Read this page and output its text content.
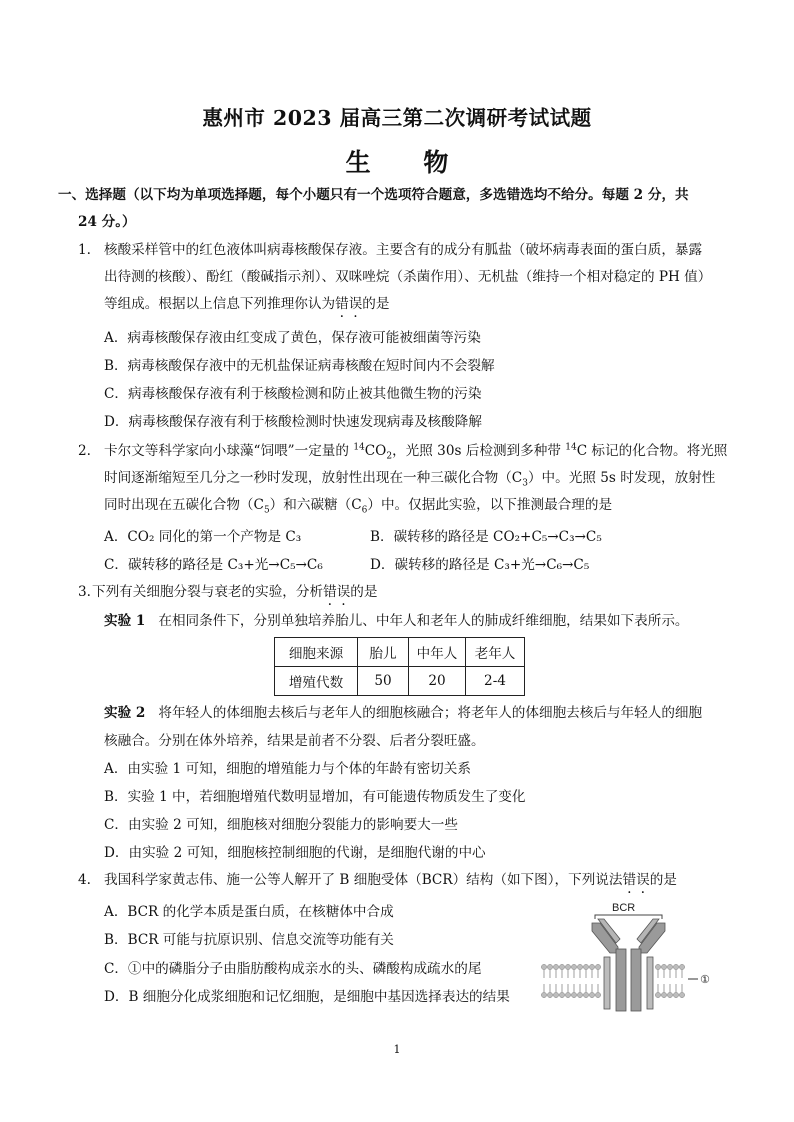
惠州市 2023 届高三第二次调研考试试题
生 物
一、选择题（以下均为单项选择题，每个小题只有一个选项符合题意，多选错选均不给分。每题 2 分，共
24 分。）
1. 核酸采样管中的红色液体叫病毒核酸保存液。主要含有的成分有胍盐（破坏病毒表面的蛋白质，暴露
出待测的核酸）、酚红（酸碱指示剂）、双咪唑烷（杀菌作用）、无机盐（维持一个相对稳定的 PH 值）
等组成。根据以上信息下列推理你认为错误的是
A．病毒核酸保存液由红变成了黄色，保存液可能被细菌等污染
B．病毒核酸保存液中的无机盐保证病毒核酸在短时间内不会裂解
C．病毒核酸保存液有利于核酸检测和防止被其他微生物的污染
D．病毒核酸保存液有利于核酸检测时快速发现病毒及核酸降解
2. 卡尔文等科学家向小球藻“饲喂”一定量的 $^{14}CO_2$，光照 30s 后检测到多种带 $^{14}$C 标记的化合物。将光照
时间逐渐缩短至几分之一秒时发现，放射性出现在一种三碳化合物$(C_3)$中。光照 5s 时发现，放射性
同时出现在五碳化合物$(C_5)$和六碳糖$(C_6)$中。仅据此实验，以下推测最合理的是
A．CO₂ 同化的第一个产物是 C₃	B．碳转移的路径是 CO₂+C₅→C₃→C₅
C．碳转移的路径是 C₃+光→C₅→C₆	D．碳转移的路径是 C₃+光→C₆→C₅
3. 下列有关细胞分裂与衰老的实验，分析错误的是
实验 1 在相同条件下，分别单独培养胎儿、中年人和老年人的肺成纤维细胞，结果如下表所示。
细胞来源	胎儿	中年人	老年人
增殖代数	50	20	2-4
实验 2 将年轻人的体细胞去核后与老年人的细胞核融合；将老年人的体细胞去核后与年轻人的细胞
核融合。分别在体外培养，结果是前者不分裂、后者分裂旺盛。
A．由实验 1 可知，细胞的增殖能力与个体的年龄有密切关系
B．实验 1 中，若细胞增殖代数明显增加，有可能遗传物质发生了变化
C．由实验 2 可知，细胞核对细胞分裂能力的影响要大一些
D．由实验 2 可知，细胞核控制细胞的代谢，是细胞代谢的中心
4. 我国科学家黄志伟、施一公等人解开了 B 细胞受体（BCR）结构（如下图），下列说法错误的是
A．BCR 的化学本质是蛋白质，在核糖体中合成
B．BCR 可能与抗原识别、信息交流等功能有关
C．①中的磷脂分子由脂肪酸构成亲水的头、磷酸构成疏水的尾
D．B 细胞分化成浆细胞和记忆细胞，是细胞中基因选择表达的结果
BCR
①
1
